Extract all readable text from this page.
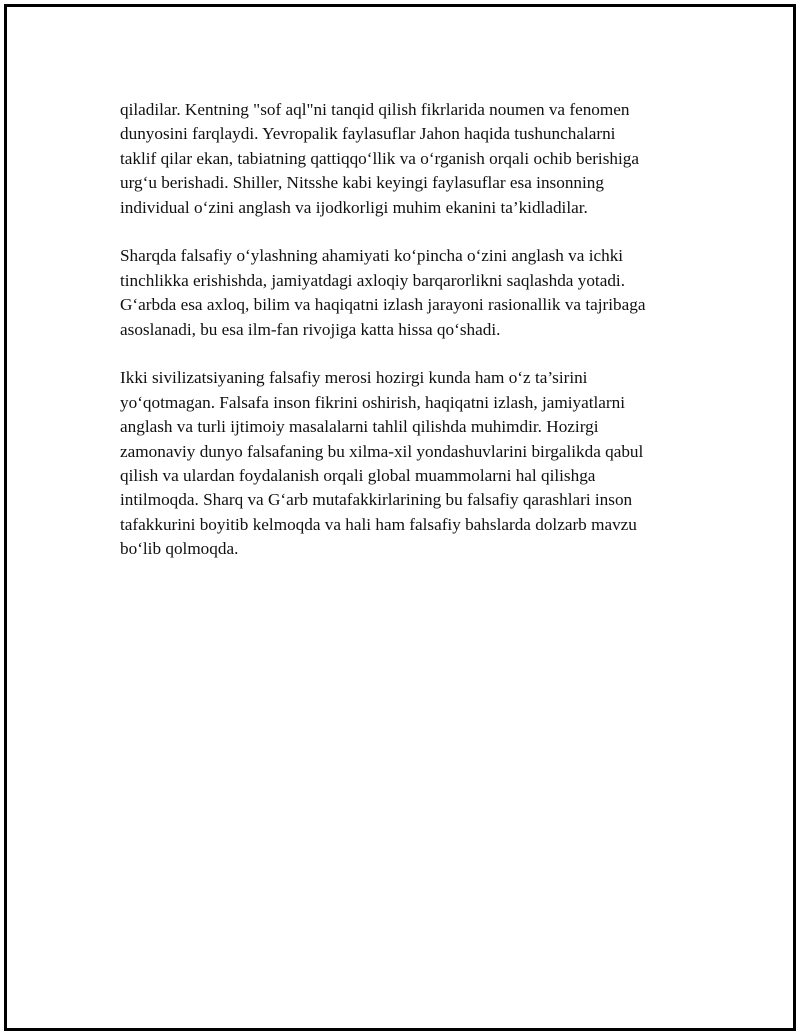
qiladilar. Kentning "sof aql"ni tanqid qilish fikrlarida noumen va fenomen
dunyosini farqlaydi. Yevropalik faylasuflar Jahon haqida tushunchalarni
taklif qilar ekan, tabiatning qattiqqo‘llik va o‘rganish orqali ochib berishiga
urg‘u berishadi. Shiller, Nitsshe kabi keyingi faylasuflar esa insonning
individual o‘zini anglash va ijodkorligi muhim ekanini ta’kidladilar.

Sharqda falsafiy o‘ylashning ahamiyati ko‘pincha o‘zini anglash va ichki
tinchlikka erishishda, jamiyatdagi axloqiy barqarorlikni saqlashda yotadi.
G‘arbda esa axloq, bilim va haqiqatni izlash jarayoni rasionallik va tajribaga
asoslanadi, bu esa ilm-fan rivojiga katta hissa qo‘shadi.

Ikki sivilizatsiyaning falsafiy merosi hozirgi kunda ham o‘z ta’sirini
yo‘qotmagan. Falsafa inson fikrini oshirish, haqiqatni izlash, jamiyatlarni
anglash va turli ijtimoiy masalalarni tahlil qilishda muhimdir. Hozirgi
zamonaviy dunyo falsafaning bu xilma-xil yondashuvlarini birgalikda qabul
qilish va ulardan foydalanish orqali global muammolarni hal qilishga
intilmoqda. Sharq va G‘arb mutafakkirlarining bu falsafiy qarashlari inson
tafakkurini boyitib kelmoqda va hali ham falsafiy bahslarda dolzarb mavzu
bo‘lib qolmoqda.
